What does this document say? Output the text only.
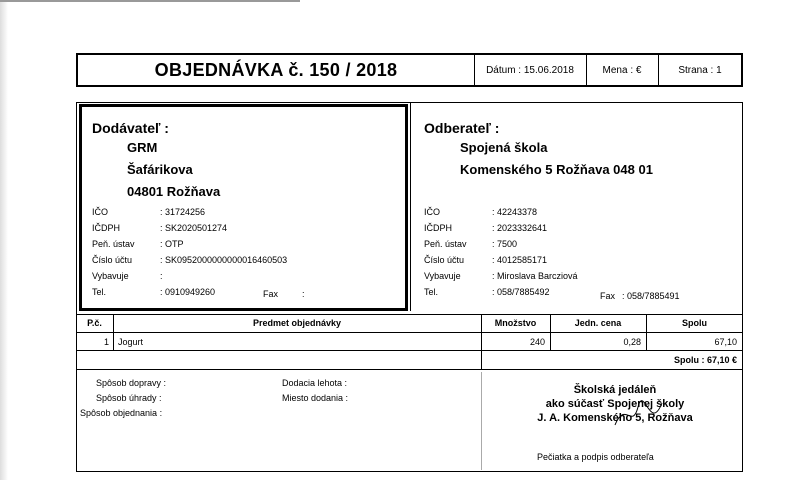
OBJEDNÁVKA č. 150 / 2018	Dátum : 15.06.2018	Mena : €	Strana : 1
Dodávateľ :
GRM
Šafárikova
04801 Rožňava
IČO	: 31724256
IČDPH	: SK2020501274
Peň. ústav	: OTP
Číslo účtu	: SK0952000000000016460503
Vybavuje	:
Tel.	: 0910949260	Fax	:
Odberateľ :
Spojená škola
Komenského 5 Rožňava 048 01
IČO	: 42243378
IČDPH	: 2023332641
Peň. ústav	: 7500
Číslo účtu	: 4012585171
Vybavuje	: Miroslava Barcziová
Tel.	: 058/7885492	Fax : 058/7885491
P.č.	Predmet objednávky	Množstvo	Jedn. cena	Spolu
1 Jogurt	240	0,28	67,10
Spolu : 67,10 €
Spôsob dopravy :
Spôsob úhrady :
Spôsob objednania :
Dodacia lehota :
Miesto dodania :
Školská jedáleň
ako súčasť Spojenej školy
J. A. Komenského 5, Rožňava
Pečiatka a podpis odberateľa
